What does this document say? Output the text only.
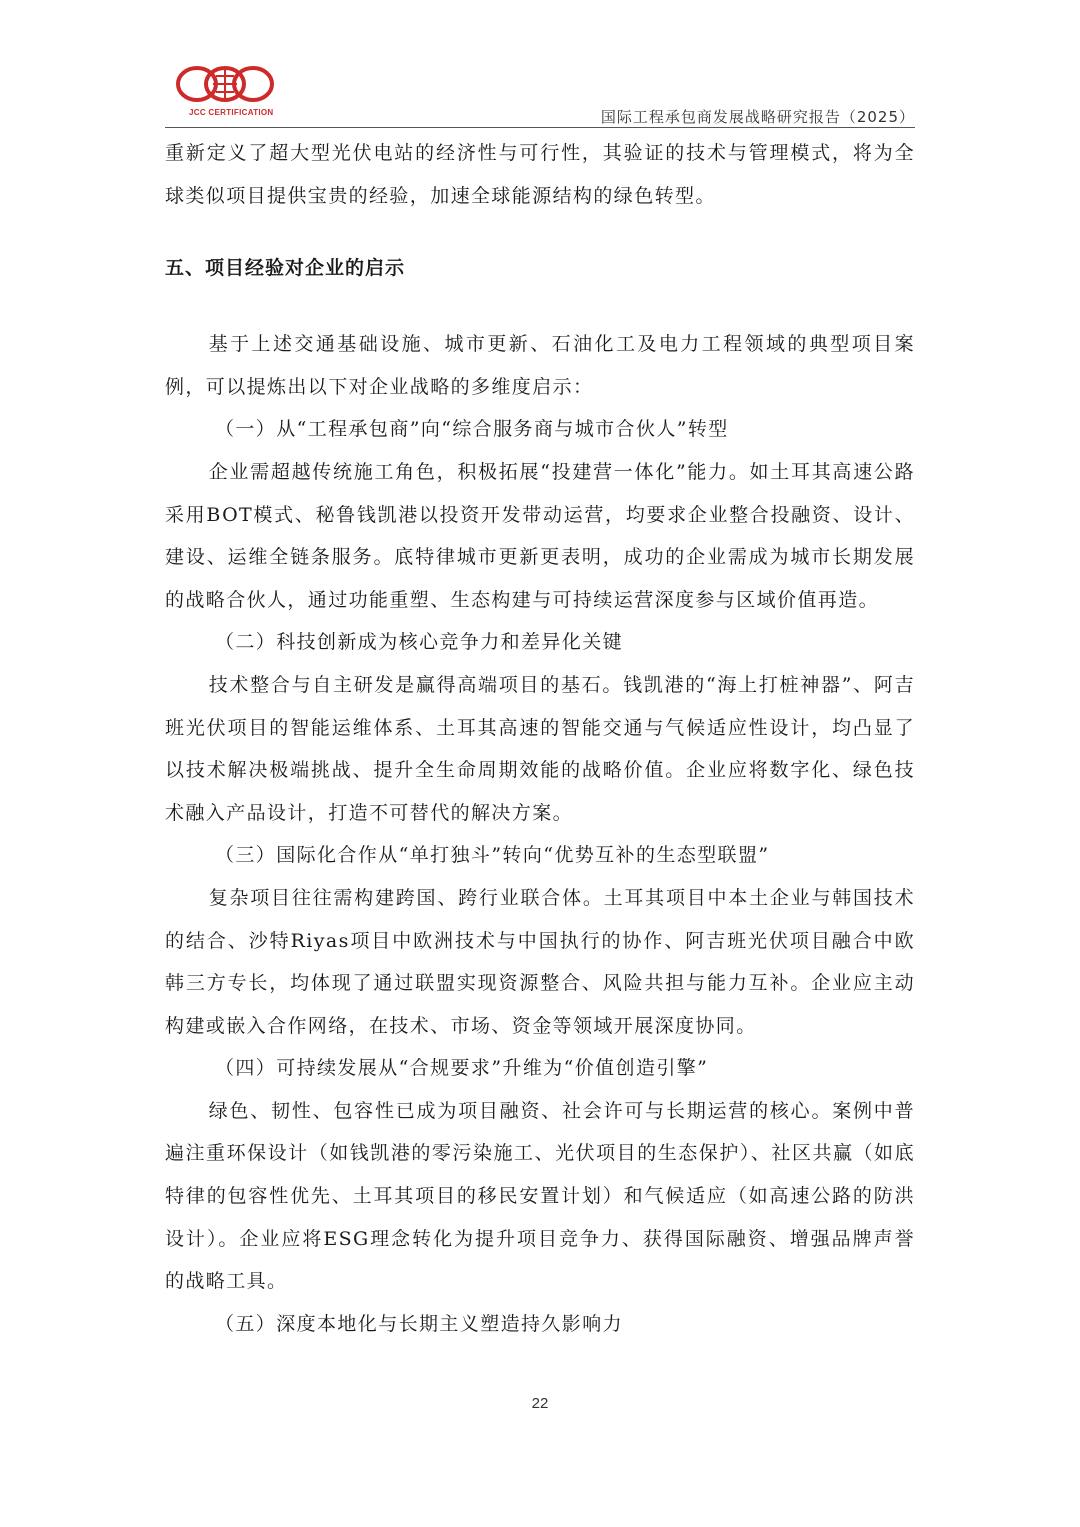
JCC CERTIFICATION	国际工程承包商发展战略研究报告（2025）

重新定义了超大型光伏电站的经济性与可行性，其验证的技术与管理模式，将为全球类似项目提供宝贵的经验，加速全球能源结构的绿色转型。

五、项目经验对企业的启示

基于上述交通基础设施、城市更新、石油化工及电力工程领域的典型项目案例，可以提炼出以下对企业战略的多维度启示：

（一）从“工程承包商”向“综合服务商与城市合伙人”转型

企业需超越传统施工角色，积极拓展“投建营一体化”能力。如土耳其高速公路采用BOT模式、秘鲁钱凯港以投资开发带动运营，均要求企业整合投融资、设计、建设、运维全链条服务。底特律城市更新更表明，成功的企业需成为城市长期发展的战略合伙人，通过功能重塑、生态构建与可持续运营深度参与区域价值再造。

（二）科技创新成为核心竞争力和差异化关键

技术整合与自主研发是赢得高端项目的基石。钱凯港的“海上打桩神器”、阿吉班光伏项目的智能运维体系、土耳其高速的智能交通与气候适应性设计，均凸显了以技术解决极端挑战、提升全生命周期效能的战略价值。企业应将数字化、绿色技术融入产品设计，打造不可替代的解决方案。

（三）国际化合作从“单打独斗”转向“优势互补的生态型联盟”

复杂项目往往需构建跨国、跨行业联合体。土耳其项目中本土企业与韩国技术的结合、沙特Riyas项目中欧洲技术与中国执行的协作、阿吉班光伏项目融合中欧韩三方专长，均体现了通过联盟实现资源整合、风险共担与能力互补。企业应主动构建或嵌入合作网络，在技术、市场、资金等领域开展深度协同。

（四）可持续发展从“合规要求”升维为“价值创造引擎”

绿色、韧性、包容性已成为项目融资、社会许可与长期运营的核心。案例中普遍注重环保设计（如钱凯港的零污染施工、光伏项目的生态保护）、社区共赢（如底特律的包容性优先、土耳其项目的移民安置计划）和气候适应（如高速公路的防洪设计）。企业应将ESG理念转化为提升项目竞争力、获得国际融资、增强品牌声誉的战略工具。

（五）深度本地化与长期主义塑造持久影响力

22
